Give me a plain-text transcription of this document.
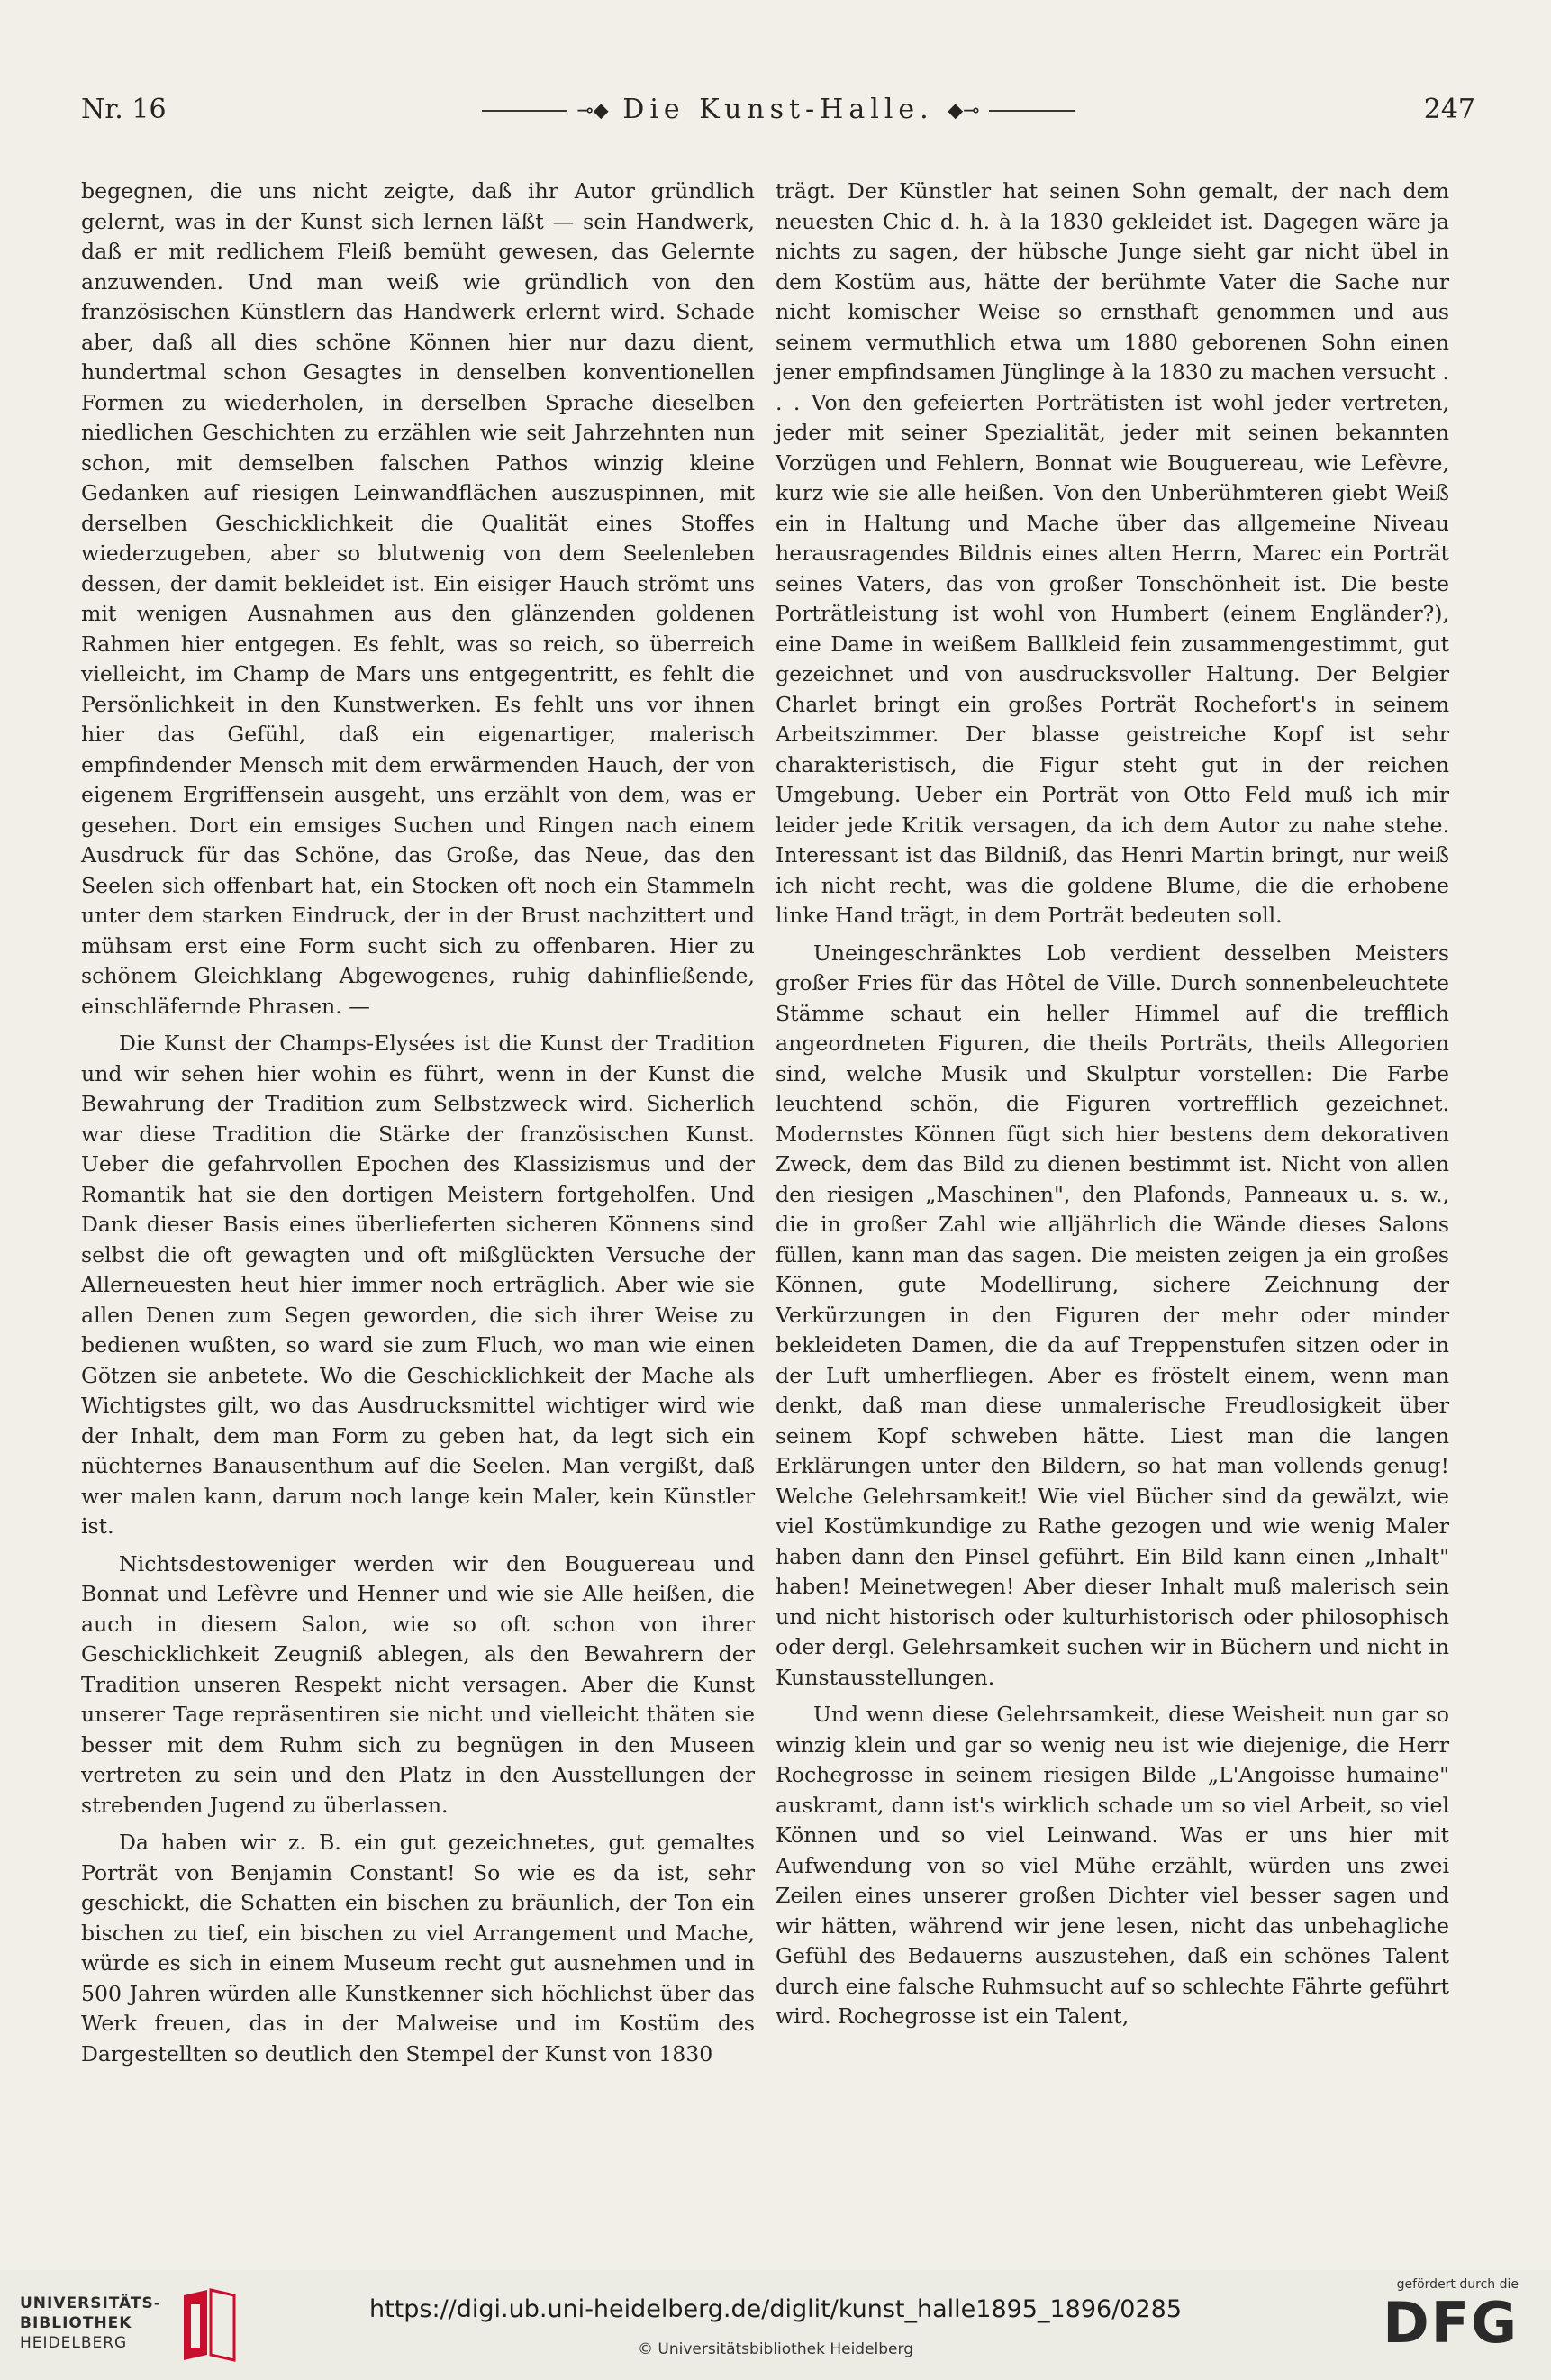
Nr. 16	⊸◆ Die Kunst-Halle. ◆⊸	247

begegnen, die uns nicht zeigte, daß ihr Autor gründlich gelernt, was in der Kunst sich lernen läßt — sein Handwerk, daß er mit redlichem Fleiß bemüht gewesen, das Gelernte anzuwenden. Und man weiß wie gründlich von den französischen Künstlern das Handwerk erlernt wird. Schade aber, daß all dies schöne Können hier nur dazu dient, hundertmal schon Gesagtes in denselben konventionellen Formen zu wiederholen, in derselben Sprache dieselben niedlichen Geschichten zu erzählen wie seit Jahrzehnten nun schon, mit demselben falschen Pathos winzig kleine Gedanken auf riesigen Leinwandflächen auszuspinnen, mit derselben Geschicklichkeit die Qualität eines Stoffes wiederzugeben, aber so blutwenig von dem Seelenleben dessen, der damit bekleidet ist. Ein eisiger Hauch strömt uns mit wenigen Ausnahmen aus den glänzenden goldenen Rahmen hier entgegen. Es fehlt, was so reich, so überreich vielleicht, im Champ de Mars uns entgegentritt, es fehlt die Persönlichkeit in den Kunstwerken. Es fehlt uns vor ihnen hier das Gefühl, daß ein eigenartiger, malerisch empfindender Mensch mit dem erwärmenden Hauch, der von eigenem Ergriffensein ausgeht, uns erzählt von dem, was er gesehen. Dort ein emsiges Suchen und Ringen nach einem Ausdruck für das Schöne, das Große, das Neue, das den Seelen sich offenbart hat, ein Stocken oft noch ein Stammeln unter dem starken Eindruck, der in der Brust nachzittert und mühsam erst eine Form sucht sich zu offenbaren. Hier zu schönem Gleichklang Abgewogenes, ruhig dahinfließende, einschläfernde Phrasen. —

Die Kunst der Champs-Elysées ist die Kunst der Tradition und wir sehen hier wohin es führt, wenn in der Kunst die Bewahrung der Tradition zum Selbstzweck wird. Sicherlich war diese Tradition die Stärke der französischen Kunst. Ueber die gefahrvollen Epochen des Klassizismus und der Romantik hat sie den dortigen Meistern fortgeholfen. Und Dank dieser Basis eines überlieferten sicheren Könnens sind selbst die oft gewagten und oft mißglückten Versuche der Allerneuesten heut hier immer noch erträglich. Aber wie sie allen Denen zum Segen geworden, die sich ihrer Weise zu bedienen wußten, so ward sie zum Fluch, wo man wie einen Götzen sie anbetete. Wo die Geschicklichkeit der Mache als Wichtigstes gilt, wo das Ausdrucksmittel wichtiger wird wie der Inhalt, dem man Form zu geben hat, da legt sich ein nüchternes Banausenthum auf die Seelen. Man vergißt, daß wer malen kann, darum noch lange kein Maler, kein Künstler ist.

Nichtsdestoweniger werden wir den Bouguereau und Bonnat und Lefèvre und Henner und wie sie Alle heißen, die auch in diesem Salon, wie so oft schon von ihrer Geschicklichkeit Zeugniß ablegen, als den Bewahrern der Tradition unseren Respekt nicht versagen. Aber die Kunst unserer Tage repräsentiren sie nicht und vielleicht thäten sie besser mit dem Ruhm sich zu begnügen in den Museen vertreten zu sein und den Platz in den Ausstellungen der strebenden Jugend zu überlassen.

Da haben wir z. B. ein gut gezeichnetes, gut gemaltes Porträt von Benjamin Constant! So wie es da ist, sehr geschickt, die Schatten ein bischen zu bräunlich, der Ton ein bischen zu tief, ein bischen zu viel Arrangement und Mache, würde es sich in einem Museum recht gut ausnehmen und in 500 Jahren würden alle Kunstkenner sich höchlichst über das Werk freuen, das in der Malweise und im Kostüm des Dargestellten so deutlich den Stempel der Kunst von 1830

trägt. Der Künstler hat seinen Sohn gemalt, der nach dem neuesten Chic d. h. à la 1830 gekleidet ist. Dagegen wäre ja nichts zu sagen, der hübsche Junge sieht gar nicht übel in dem Kostüm aus, hätte der berühmte Vater die Sache nur nicht komischer Weise so ernsthaft genommen und aus seinem vermuthlich etwa um 1880 geborenen Sohn einen jener empfindsamen Jünglinge à la 1830 zu machen versucht . . . Von den gefeierten Porträtisten ist wohl jeder vertreten, jeder mit seiner Spezialität, jeder mit seinen bekannten Vorzügen und Fehlern, Bonnat wie Bouguereau, wie Lefèvre, kurz wie sie alle heißen. Von den Unberühmteren giebt Weiß ein in Haltung und Mache über das allgemeine Niveau herausragendes Bildnis eines alten Herrn, Marec ein Porträt seines Vaters, das von großer Tonschönheit ist. Die beste Porträtleistung ist wohl von Humbert (einem Engländer?), eine Dame in weißem Ballkleid fein zusammengestimmt, gut gezeichnet und von ausdrucksvoller Haltung. Der Belgier Charlet bringt ein großes Porträt Rochefort's in seinem Arbeitszimmer. Der blasse geistreiche Kopf ist sehr charakteristisch, die Figur steht gut in der reichen Umgebung. Ueber ein Porträt von Otto Feld muß ich mir leider jede Kritik versagen, da ich dem Autor zu nahe stehe. Interessant ist das Bildniß, das Henri Martin bringt, nur weiß ich nicht recht, was die goldene Blume, die die erhobene linke Hand trägt, in dem Porträt bedeuten soll.

Uneingeschränktes Lob verdient desselben Meisters großer Fries für das Hôtel de Ville. Durch sonnenbeleuchtete Stämme schaut ein heller Himmel auf die trefflich angeordneten Figuren, die theils Porträts, theils Allegorien sind, welche Musik und Skulptur vorstellen: Die Farbe leuchtend schön, die Figuren vortrefflich gezeichnet. Modernstes Können fügt sich hier bestens dem dekorativen Zweck, dem das Bild zu dienen bestimmt ist. Nicht von allen den riesigen „Maschinen", den Plafonds, Panneaux u. s. w., die in großer Zahl wie alljährlich die Wände dieses Salons füllen, kann man das sagen. Die meisten zeigen ja ein großes Können, gute Modellirung, sichere Zeichnung der Verkürzungen in den Figuren der mehr oder minder bekleideten Damen, die da auf Treppenstufen sitzen oder in der Luft umherfliegen. Aber es fröstelt einem, wenn man denkt, daß man diese unmalerische Freudlosigkeit über seinem Kopf schweben hätte. Liest man die langen Erklärungen unter den Bildern, so hat man vollends genug! Welche Gelehrsamkeit! Wie viel Bücher sind da gewälzt, wie viel Kostümkundige zu Rathe gezogen und wie wenig Maler haben dann den Pinsel geführt. Ein Bild kann einen „Inhalt" haben! Meinetwegen! Aber dieser Inhalt muß malerisch sein und nicht historisch oder kulturhistorisch oder philosophisch oder dergl. Gelehrsamkeit suchen wir in Büchern und nicht in Kunstausstellungen.

Und wenn diese Gelehrsamkeit, diese Weisheit nun gar so winzig klein und gar so wenig neu ist wie diejenige, die Herr Rochegrosse in seinem riesigen Bilde „L'Angoisse humaine" auskramt, dann ist's wirklich schade um so viel Arbeit, so viel Können und so viel Leinwand. Was er uns hier mit Aufwendung von so viel Mühe erzählt, würden uns zwei Zeilen eines unserer großen Dichter viel besser sagen und wir hätten, während wir jene lesen, nicht das unbehagliche Gefühl des Bedauerns auszustehen, daß ein schönes Talent durch eine falsche Ruhmsucht auf so schlechte Fährte geführt wird. Rochegrosse ist ein Talent,

UNIVERSITÄTS-
BIBLIOTHEK
HEIDELBERG
https://digi.ub.uni-heidelberg.de/diglit/kunst_halle1895_1896/0285
© Universitätsbibliothek Heidelberg
gefördert durch die
DFG
